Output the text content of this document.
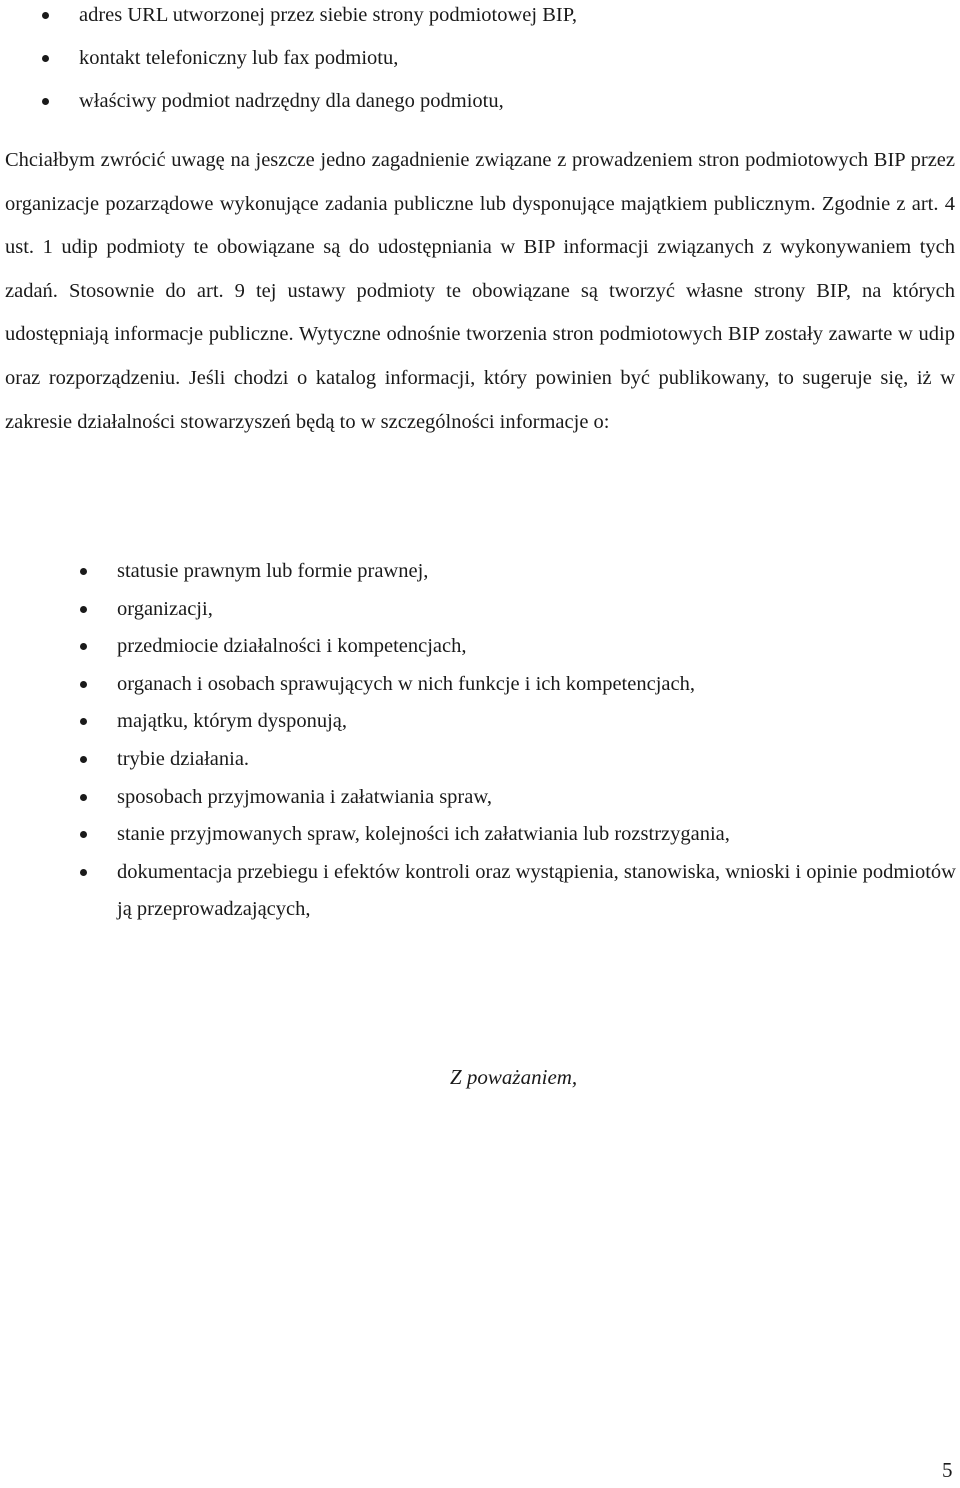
adres URL utworzonej przez siebie strony podmiotowej BIP,
kontakt telefoniczny lub fax podmiotu,
właściwy podmiot nadrzędny dla danego podmiotu,

Chciałbym zwrócić uwagę na jeszcze jedno zagadnienie związane z prowadzeniem stron podmiotowych BIP przez organizacje pozarządowe wykonujące zadania publiczne lub dysponujące majątkiem publicznym. Zgodnie z art. 4 ust. 1 udip podmioty te obowiązane są do udostępniania w BIP informacji związanych z wykonywaniem tych zadań. Stosownie do art. 9 tej ustawy podmioty te obowiązane są tworzyć własne strony BIP, na których udostępniają informacje publiczne. Wytyczne odnośnie tworzenia stron podmiotowych BIP zostały zawarte w udip oraz rozporządzeniu. Jeśli chodzi o katalog informacji, który powinien być publikowany, to sugeruje się, iż w zakresie działalności stowarzyszeń będą to w szczególności informacje o:

statusie prawnym lub formie prawnej,
organizacji,
przedmiocie działalności i kompetencjach,
organach i osobach sprawujących w nich funkcje i ich kompetencjach,
majątku, którym dysponują,
trybie działania.
sposobach przyjmowania i załatwiania spraw,
stanie przyjmowanych spraw, kolejności ich załatwiania lub rozstrzygania,
dokumentacja przebiegu i efektów kontroli oraz wystąpienia, stanowiska, wnioski i opinie podmiotów ją przeprowadzających,
Z poważaniem,
5
